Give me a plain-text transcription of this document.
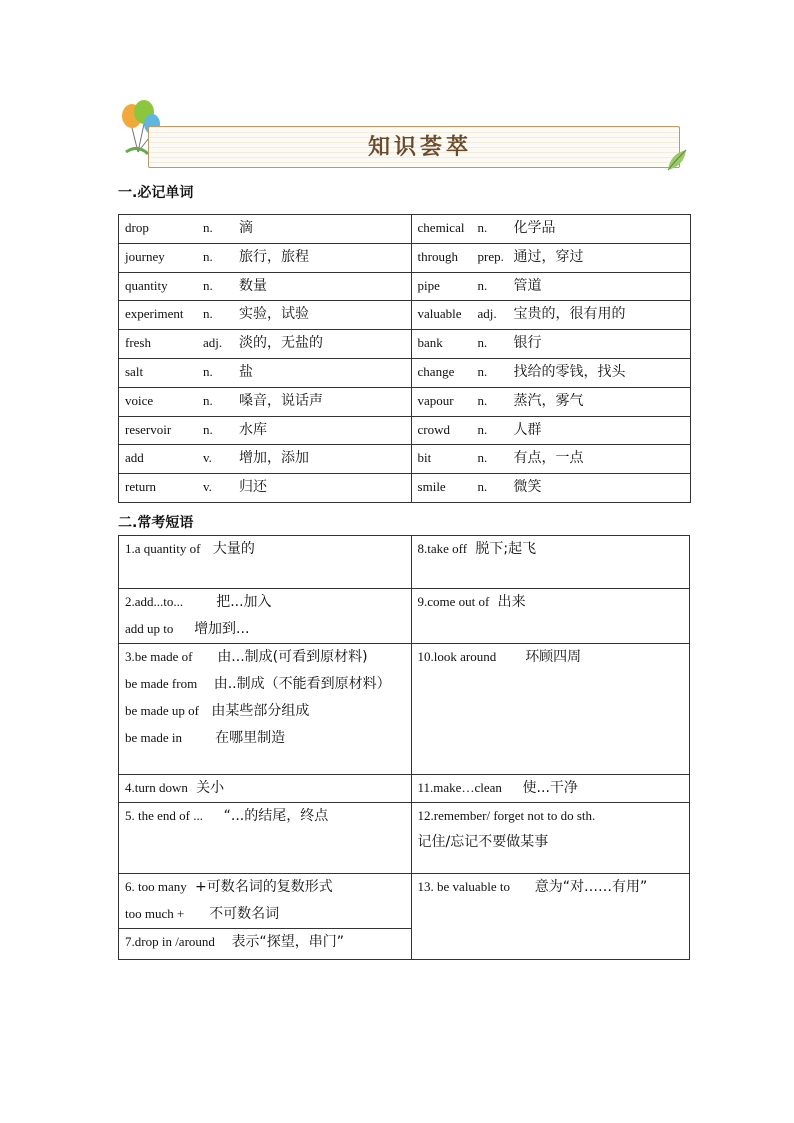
知识荟萃
一.必记单词
drop n. 滴	chemical n. 化学品
journey n. 旅行，旅程	through prep. 通过，穿过
quantity n. 数量	pipe n. 管道
experiment n. 实验，试验	valuable adj. 宝贵的，很有用的
fresh adj. 淡的，无盐的	bank n. 银行
salt n. 盐	change n. 找给的零钱，找头
voice n. 嗓音，说话声	vapour n. 蒸汽，雾气
reservoir n. 水库	crowd n. 人群
add v. 增加，添加	bit n. 有点，一点
return v. 归还	smile n. 微笑
二.常考短语
1.a quantity of 大量的	8.take off 脱下;起飞

2.add...to... 把...加入
add up to 增加到...	9.come out of 出来

3.be made of 由...制成(可看到原材料)
be made from 由..制成（不能看到原材料）
be made up of 由某些部分组成
be made in 在哪里制造	10.look around 环顾四周
4.turn down 关小	11.make…clean 使...干净
5. the end of ... “...的结尾，终点	12.remember/ forget not to do sth.
记住/忘记不要做某事

6. too many +可数名词的复数形式
too much + 不可数名词	13. be valuable to 意为“对……有用”
7.drop in /around 表示“探望，串门”	
